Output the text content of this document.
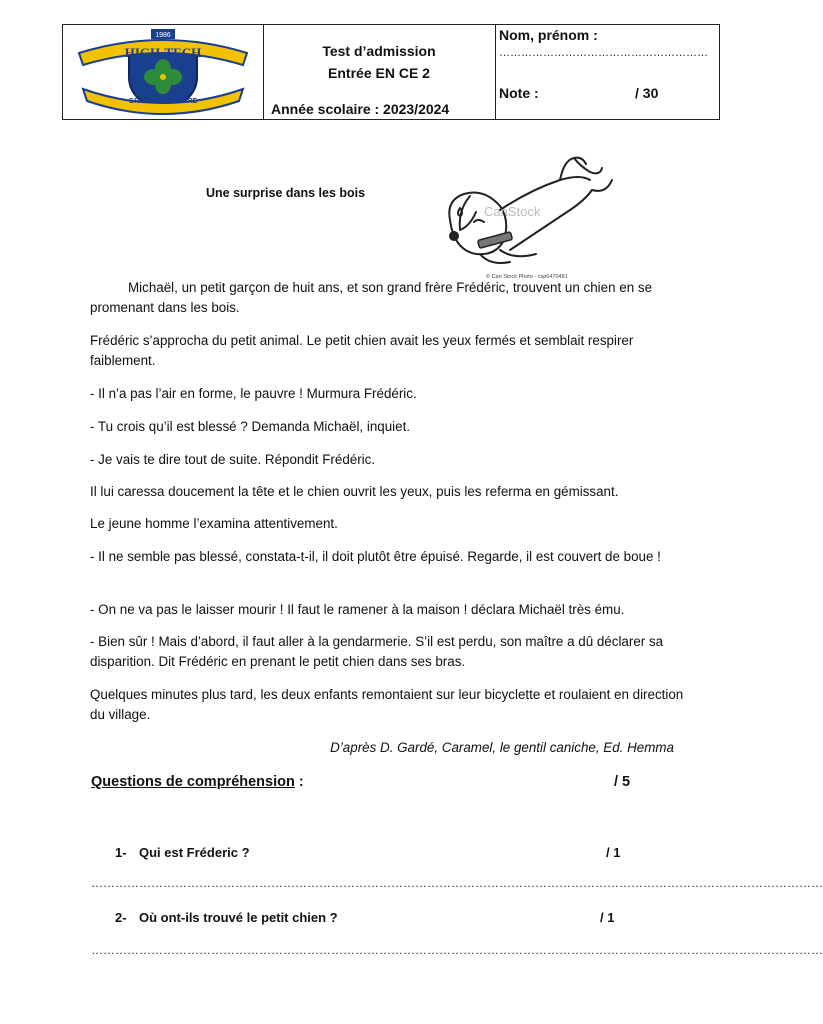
1986
HIGH-TECH
GROUPE SCOLAIRE
Test d’admission
Entrée EN CE 2
Année scolaire : 2023/2024
Nom, prénom :
…………………………………………………
Note :	/ 30
Une surprise dans les bois
CanStock
© Can Stock Photo - csp6470481
Michaël, un petit garçon de huit ans, et son grand frère Frédéric, trouvent un chien en se promenant dans les bois.
Frédéric s’approcha du petit animal. Le petit chien avait les yeux fermés et semblait respirer faiblement.
- Il n’a pas l’air en forme, le pauvre ! Murmura Frédéric.
- Tu crois qu’il est blessé ? Demanda Michaël, inquiet.
- Je vais te dire tout de suite. Répondit Frédéric.
Il lui caressa doucement la tête et le chien ouvrit les yeux, puis les referma en gémissant.
Le jeune homme l’examina attentivement.
- Il ne semble pas blessé, constata-t-il, il doit plutôt être épuisé. Regarde, il est couvert de boue !
- On ne va pas le laisser mourir ! Il faut le ramener à la maison ! déclara Michaël très ému.
- Bien sûr ! Mais d’abord, il faut aller à la gendarmerie. S’il est perdu, son maître a dû déclarer sa disparition. Dit Frédéric en prenant le petit chien dans ses bras.
Quelques minutes plus tard, les deux enfants remontaient sur leur bicyclette et roulaient en direction du village.
D’après D. Gardé, Caramel, le gentil caniche, Ed. Hemma
Questions de compréhension :	/ 5
1- Qui est Fréderic ?	/ 1
…………………………………………………………………………………………………………………………………………………………………
2- Où ont-ils trouvé le petit chien ?	/ 1
…………………………………………………………………………………………………………………………………………………………………
